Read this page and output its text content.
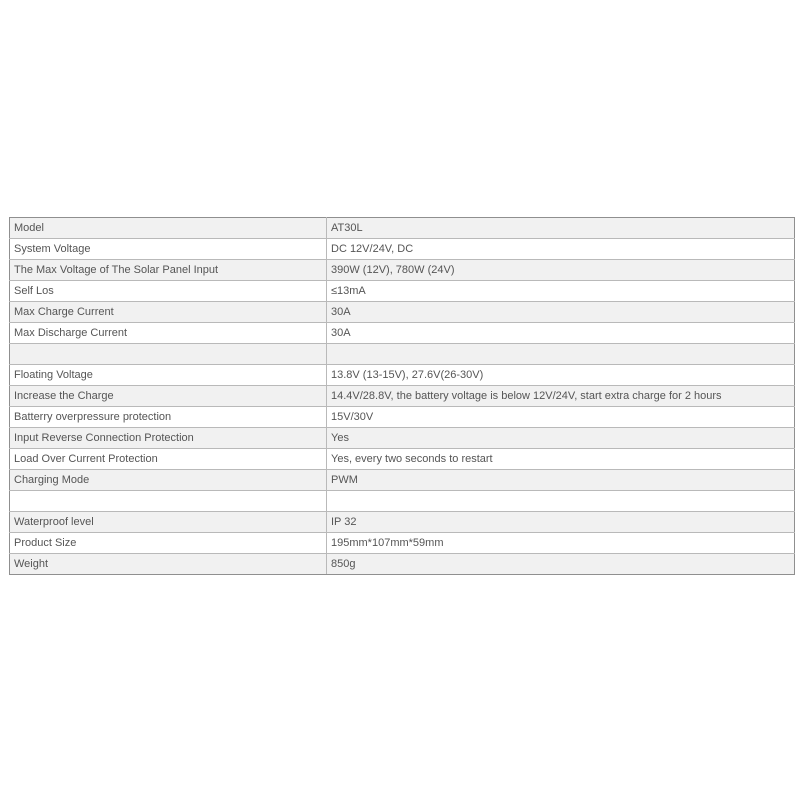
Model	AT30L
System Voltage	DC 12V/24V, DC
The Max Voltage of The Solar Panel Input	390W (12V), 780W (24V)
Self Los	≤13mA
Max Charge Current	30A
Max Discharge Current	30A

Floating Voltage	13.8V (13-15V), 27.6V(26-30V)
Increase the Charge	14.4V/28.8V, the battery voltage is below 12V/24V, start extra charge for 2 hours
Batterry overpressure protection	15V/30V
Input Reverse Connection Protection	Yes
Load Over Current Protection	Yes, every two seconds to restart
Charging Mode	PWM

Waterproof level	IP 32
Product Size	195mm*107mm*59mm
Weight	850g
